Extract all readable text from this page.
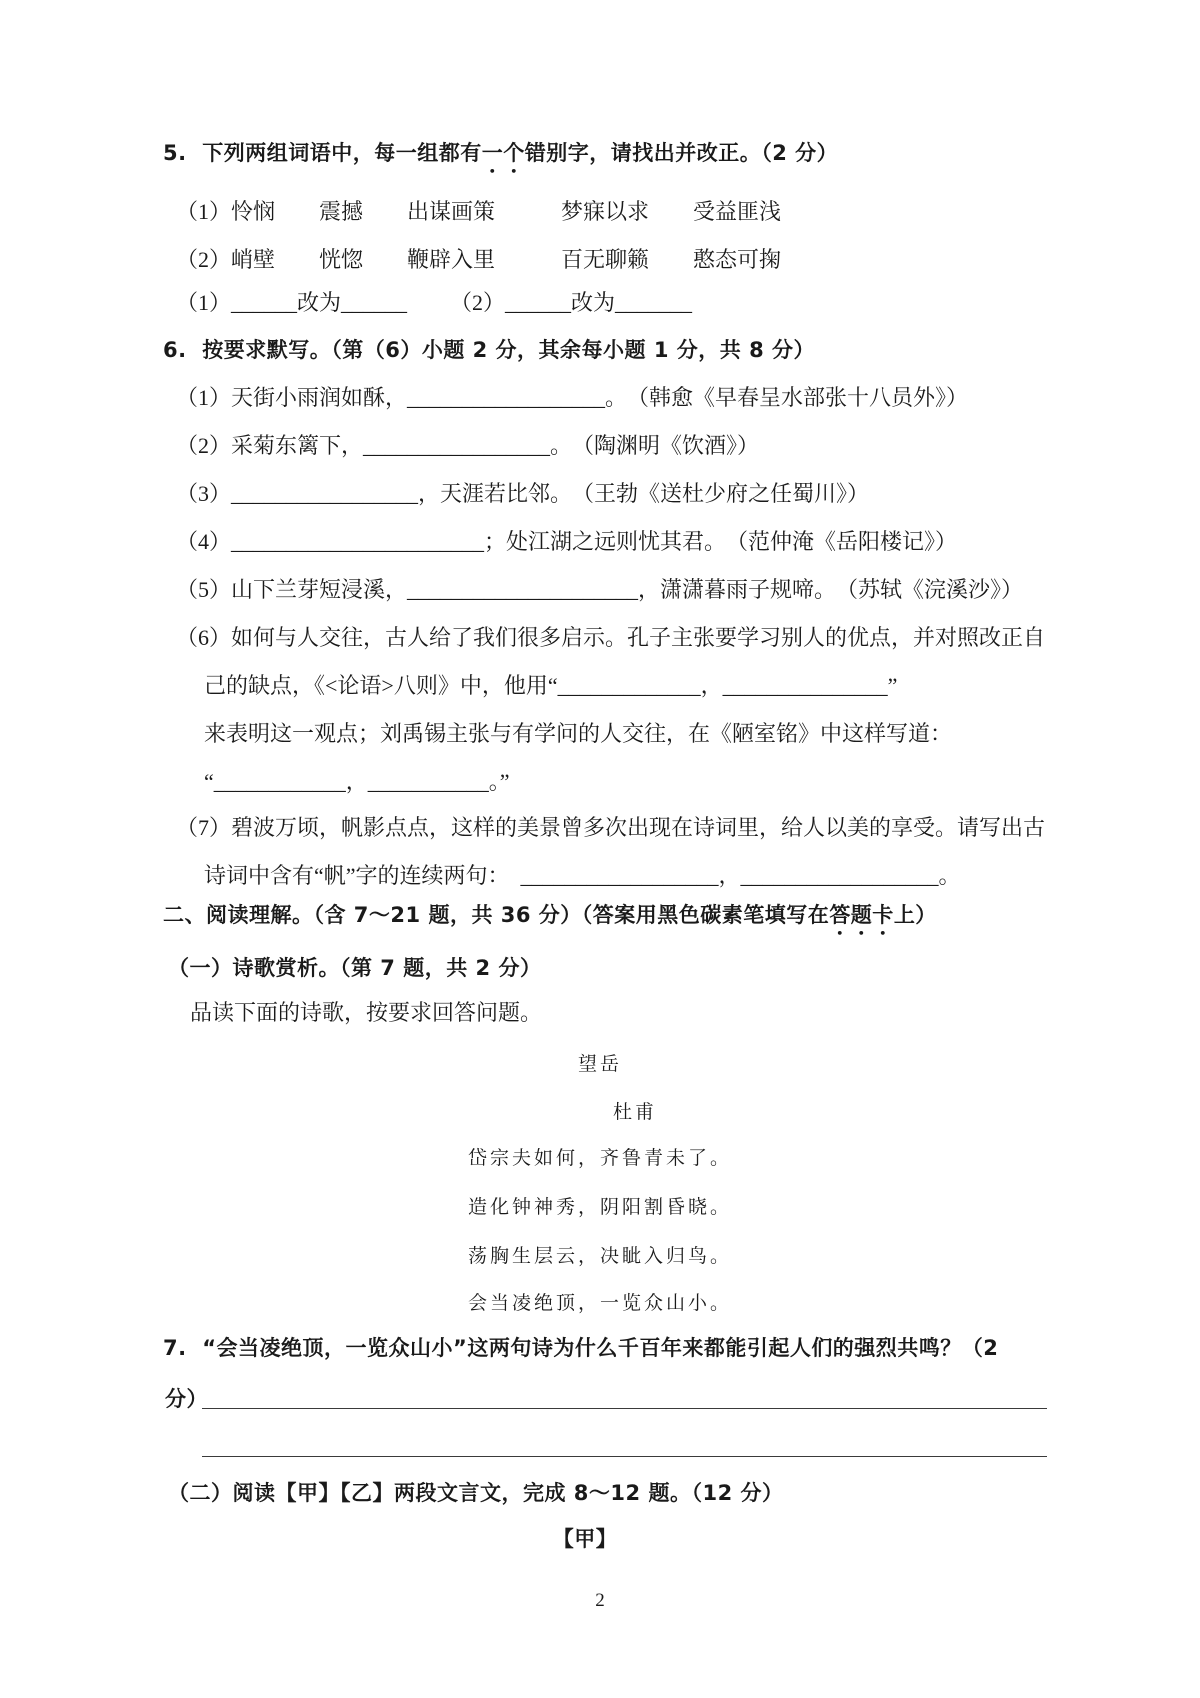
5.  下列两组词语中，每一组都有一个错别字，请找出并改正。（2 分）
（1）怜悯　　震撼　　出谋画策　　　梦寐以求　　受益匪浅
（2）峭壁　　恍惚　　鞭辟入里　　　百无聊籁　　憨态可掬
（1）______改为______ （2）______改为_______
6.  按要求默写。（第（6）小题 2 分，其余每小题 1 分，共 8 分）
（1）天街小雨润如酥，__________________。　（韩愈《早春呈水部张十八员外》）
（2）采菊东篱下，_________________。　（陶渊明《饮酒》）
（3）_________________，天涯若比邻。　（王勃《送杜少府之任蜀川》）
（4）_______________________；处江湖之远则忧其君。　（范仲淹《岳阳楼记》）
（5）山下兰芽短浸溪，_____________________，潇潇暮雨子规啼。　（苏轼《浣溪沙》）
（6）如何与人交往，古人给了我们很多启示。孔子主张要学习别人的优点，并对照改正自
己的缺点，《<论语>八则》中，他用“_____________，_______________”
来表明这一观点；刘禹锡主张与有学问的人交往，在《陋室铭》中这样写道：
“____________，___________。”
（7）碧波万顷，帆影点点，这样的美景曾多次出现在诗词里，给人以美的享受。请写出古
诗词中含有“帆”字的连续两句：　__________________，__________________。
二、阅读理解。（含 7～21 题，共 36 分）（答案用黑色碳素笔填写在答题卡上）
（一）诗歌赏析。（第 7 题，共 2 分）
品读下面的诗歌，按要求回答问题。
望岳
杜甫
岱宗夫如何，齐鲁青未了。
造化钟神秀，阴阳割昏晓。
荡胸生层云，决眦入归鸟。
会当凌绝顶，一览众山小。
7.  “会当凌绝顶，一览众山小”这两句诗为什么千百年来都能引起人们的强烈共鸣？（2
分）
（二）阅读【甲】【乙】两段文言文，完成 8～12 题。（12 分）
【甲】
2
